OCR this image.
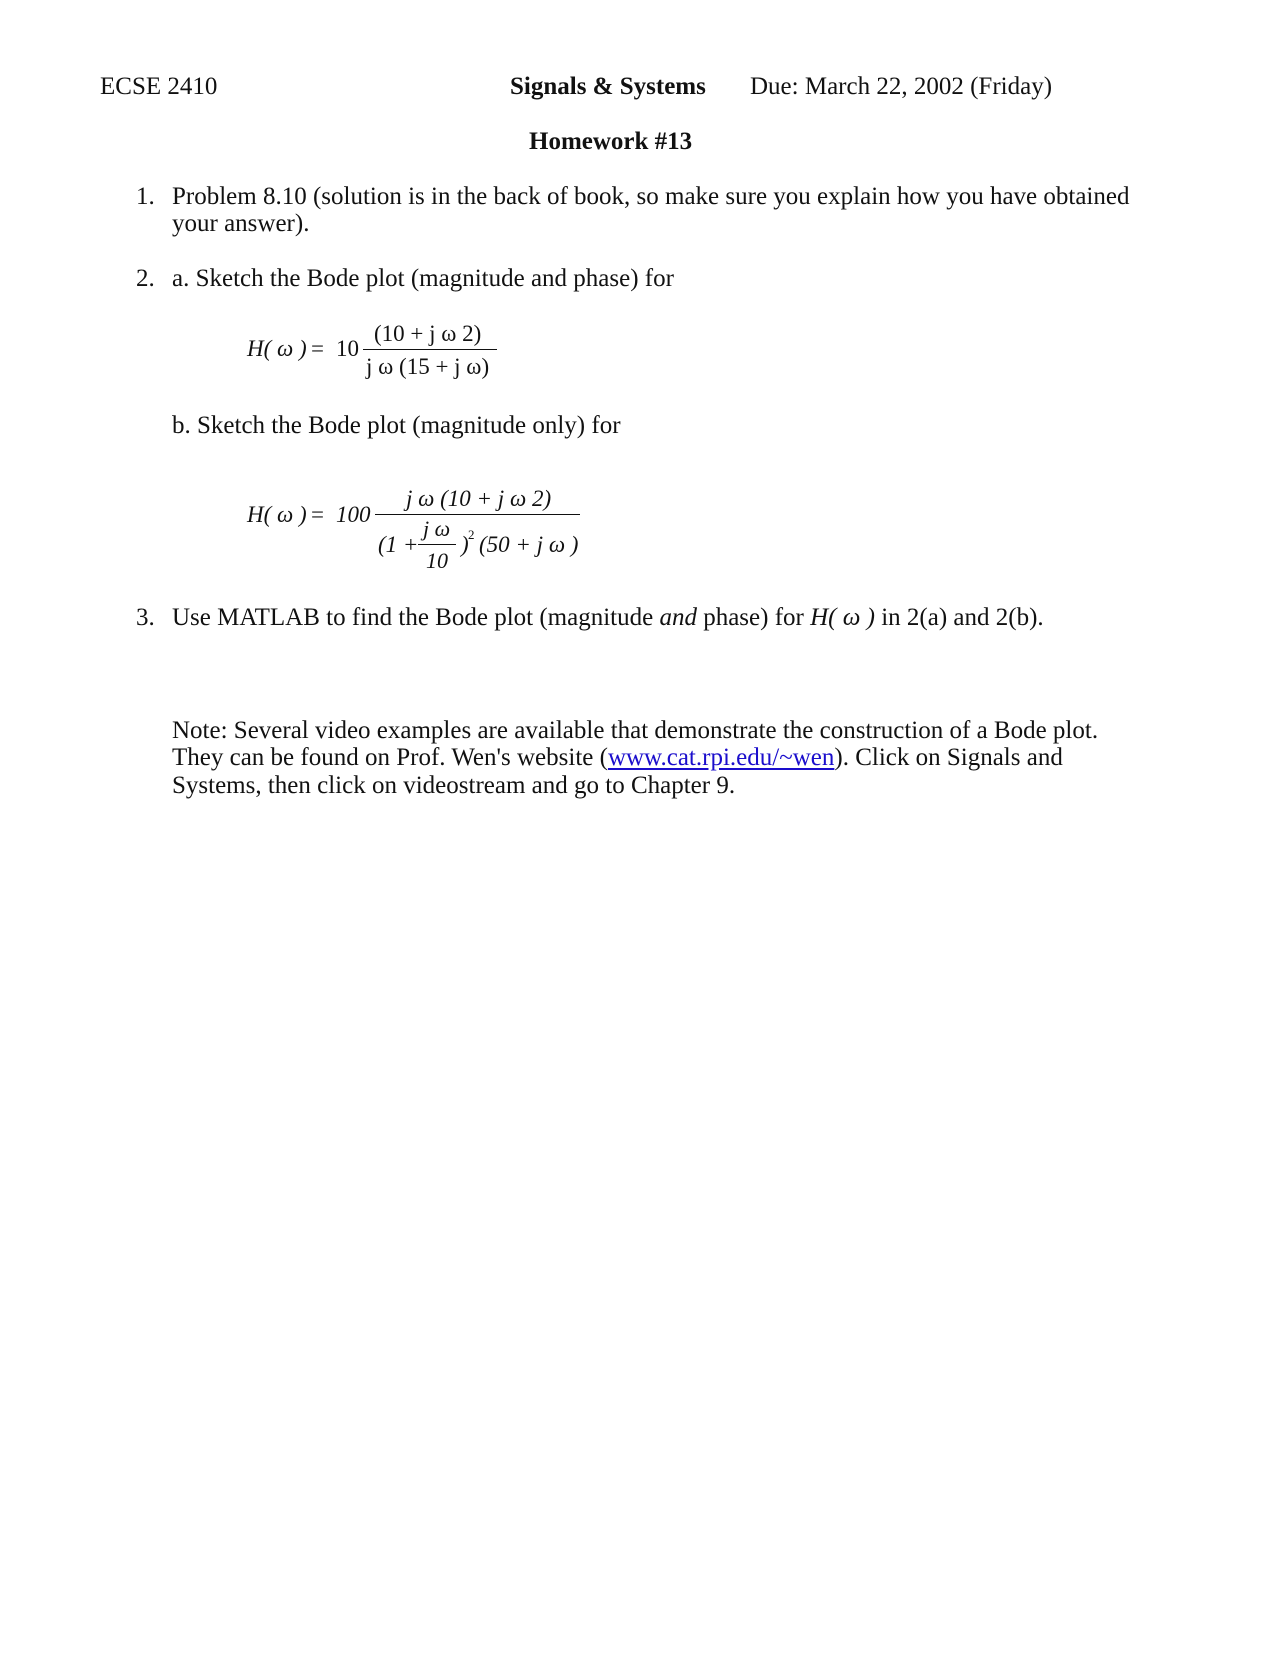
ECSE 2410	Signals & Systems Due: March 22, 2002 (Friday)
Homework #13
1. Problem 8.10 (solution is in the back of book, so make sure you explain how you have obtained
your answer).
2. a. Sketch the Bode plot (magnitude and phase) for
H( ω ) = 10
(10 + j ω 2)
j ω (15 + j ω)
b. Sketch the Bode plot (magnitude only) for
H( ω ) = 100
j ω (10 + j ω 2)
(1 +
j ω
10
) 2 (50 + j ω )
3. Use MATLAB to find the Bode plot (magnitude and phase) for H( ω ) in 2(a) and 2(b).
Note: Several video examples are available that demonstrate the construction of a Bode plot.
They can be found on Prof. Wen's website (www.cat.rpi.edu/~wen). Click on Signals and
Systems, then click on videostream and go to Chapter 9.
